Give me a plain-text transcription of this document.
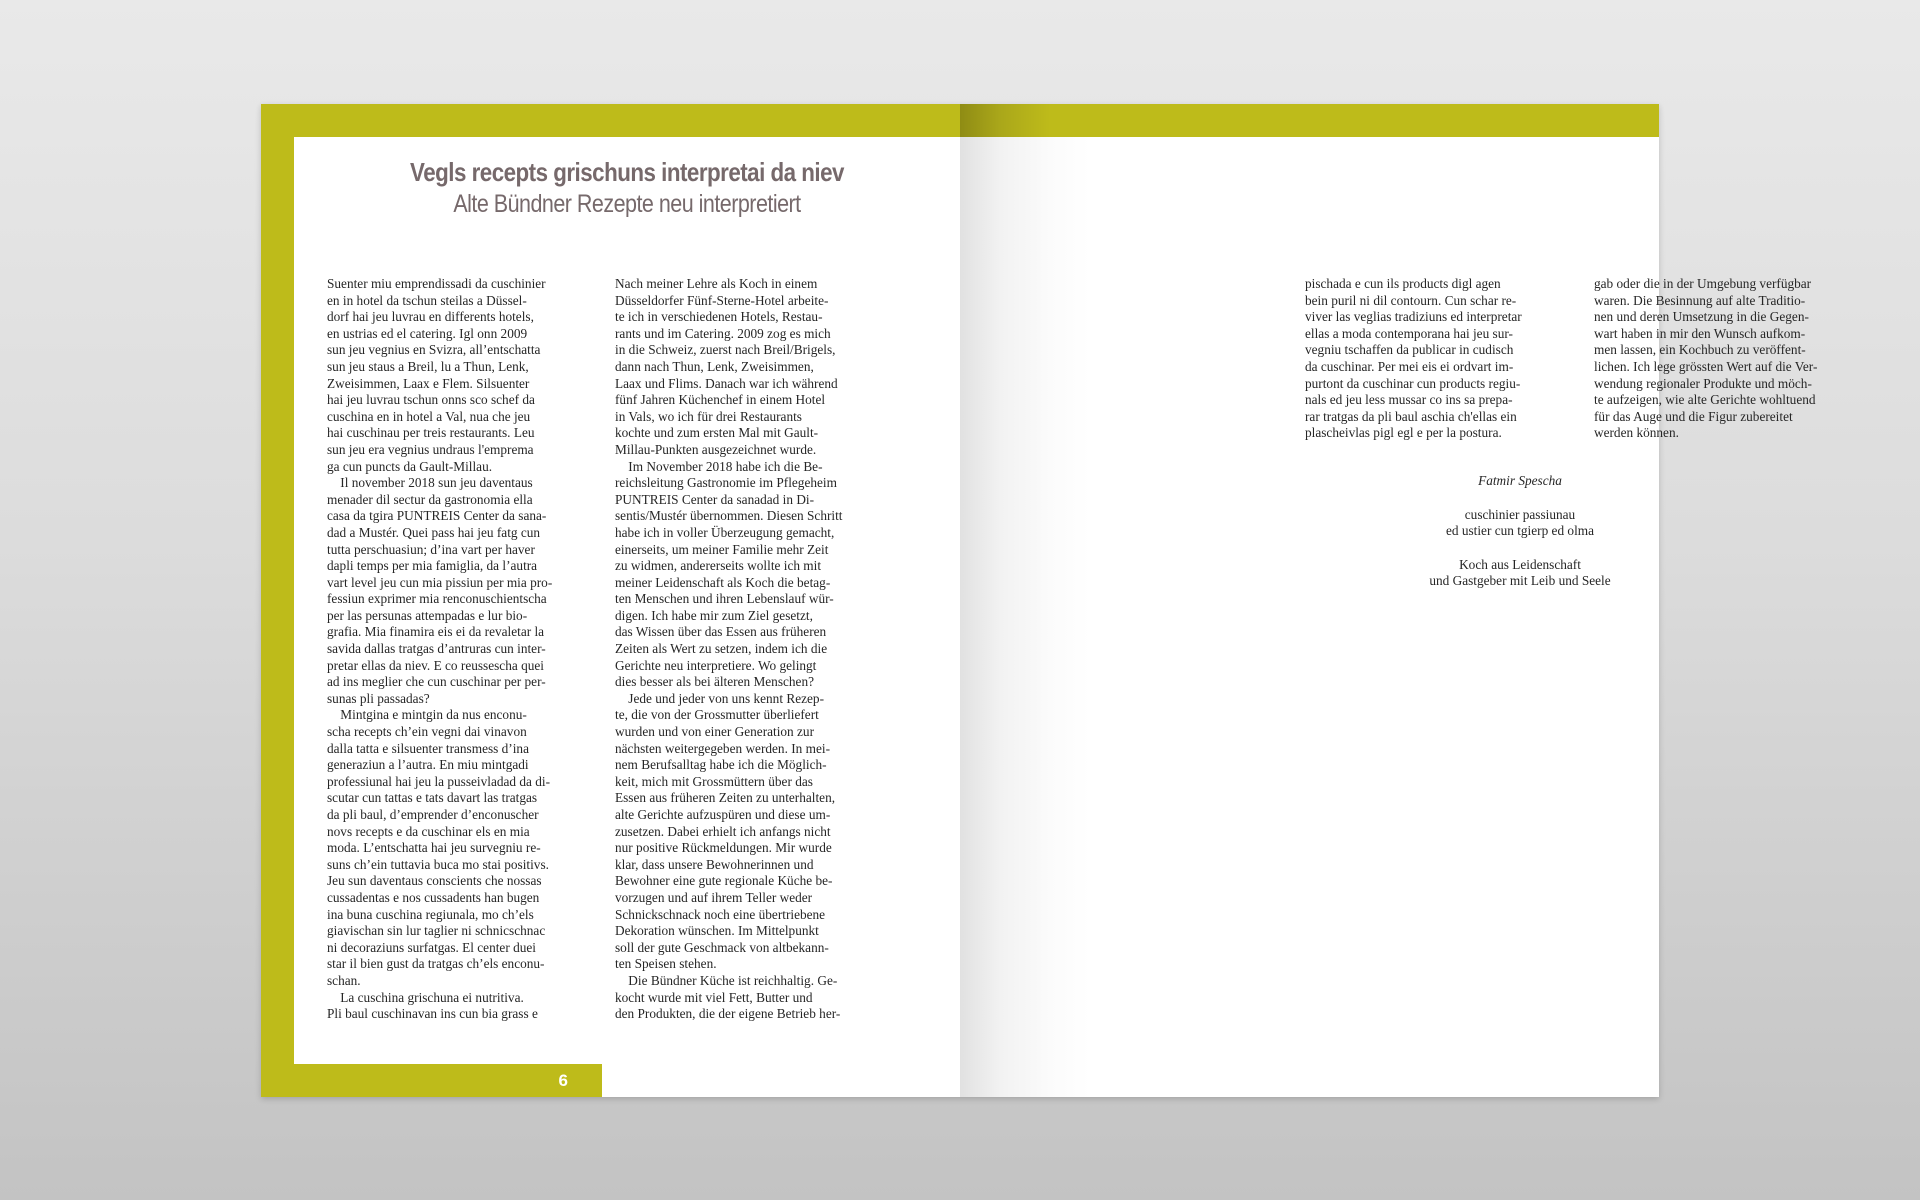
Vegls recepts grischuns interpretai da niev
Alte Bündner Rezepte neu interpretiert

Suenter miu emprendissadi da cuschinier
en in hotel da tschun steilas a Düssel-
dorf hai jeu luvrau en differents hotels,
en ustrias ed el catering. Igl onn 2009
sun jeu vegnius en Svizra, all’entschatta
sun jeu staus a Breil, lu a Thun, Lenk,
Zweisimmen, Laax e Flem. Silsuenter
hai jeu luvrau tschun onns sco schef da
cuschina en in hotel a Val, nua che jeu
hai cuschinau per treis restaurants. Leu
sun jeu era vegnius undraus l'emprema
ga cun puncts da Gault-Millau.
Il november 2018 sun jeu daventaus
menader dil sectur da gastronomia ella
casa da tgira PUNTREIS Center da sana-
dad a Mustér. Quei pass hai jeu fatg cun
tutta perschuasiun; d’ina vart per haver
dapli temps per mia famiglia, da l’autra
vart level jeu cun mia pissiun per mia pro-
fessiun exprimer mia renconuschientscha
per las persunas attempadas e lur bio-
grafia. Mia finamira eis ei da revaletar la
savida dallas tratgas d’antruras cun inter-
pretar ellas da niev. E co reussescha quei
ad ins meglier che cun cuschinar per per-
sunas pli passadas?
Mintgina e mintgin da nus enconu-
scha recepts ch’ein vegni dai vinavon
dalla tatta e silsuenter transmess d’ina
generaziun a l’autra. En miu mintgadi
professiunal hai jeu la pusseivladad da di-
scutar cun tattas e tats davart las tratgas
da pli baul, d’emprender d’enconuscher
novs recepts e da cuschinar els en mia
moda. L’entschatta hai jeu survegniu re-
suns ch’ein tuttavia buca mo stai positivs.
Jeu sun daventaus conscients che nossas
cussadentas e nos cussadents han bugen
ina buna cuschina regiunala, mo ch’els
giavischan sin lur taglier ni schnicschnac
ni decoraziuns surfatgas. El center duei
star il bien gust da tratgas ch’els enconu-
schan.
La cuschina grischuna ei nutritiva.
Pli baul cuschinavan ins cun bia grass e

Nach meiner Lehre als Koch in einem
Düsseldorfer Fünf-Sterne-Hotel arbeite-
te ich in verschiedenen Hotels, Restau-
rants und im Catering. 2009 zog es mich
in die Schweiz, zuerst nach Breil/Brigels,
dann nach Thun, Lenk, Zweisimmen,
Laax und Flims. Danach war ich während
fünf Jahren Küchenchef in einem Hotel
in Vals, wo ich für drei Restaurants
kochte und zum ersten Mal mit Gault-
Millau-Punkten ausgezeichnet wurde.
Im November 2018 habe ich die Be-
reichsleitung Gastronomie im Pflegeheim
PUNTREIS Center da sanadad in Di-
sentis/Mustér übernommen. Diesen Schritt
habe ich in voller Überzeugung gemacht,
einerseits, um meiner Familie mehr Zeit
zu widmen, andererseits wollte ich mit
meiner Leidenschaft als Koch die betag-
ten Menschen und ihren Lebenslauf wür-
digen. Ich habe mir zum Ziel gesetzt,
das Wissen über das Essen aus früheren
Zeiten als Wert zu setzen, indem ich die
Gerichte neu interpretiere. Wo gelingt
dies besser als bei älteren Menschen?
Jede und jeder von uns kennt Rezep-
te, die von der Grossmutter überliefert
wurden und von einer Generation zur
nächsten weitergegeben werden. In mei-
nem Berufsalltag habe ich die Möglich-
keit, mich mit Grossmüttern über das
Essen aus früheren Zeiten zu unterhalten,
alte Gerichte aufzuspüren und diese um-
zusetzen. Dabei erhielt ich anfangs nicht
nur positive Rückmeldungen. Mir wurde
klar, dass unsere Bewohnerinnen und
Bewohner eine gute regionale Küche be-
vorzugen und auf ihrem Teller weder
Schnickschnack noch eine übertriebene
Dekoration wünschen. Im Mittelpunkt
soll der gute Geschmack von altbekann-
ten Speisen stehen.
Die Bündner Küche ist reichhaltig. Ge-
kocht wurde mit viel Fett, Butter und
den Produkten, die der eigene Betrieb her-

6

pischada e cun ils products digl agen
bein puril ni dil contourn. Cun schar re-
viver las veglias tradiziuns ed interpretar
ellas a moda contemporana hai jeu sur-
vegniu tschaffen da publicar in cudisch
da cuschinar. Per mei eis ei ordvart im-
purtont da cuschinar cun products regiu-
nals ed jeu less mussar co ins sa prepa-
rar tratgas da pli baul aschia ch'ellas ein
plascheivlas pigl egl e per la postura.

gab oder die in der Umgebung verfügbar
waren. Die Besinnung auf alte Traditio-
nen und deren Umsetzung in die Gegen-
wart haben in mir den Wunsch aufkom-
men lassen, ein Kochbuch zu veröffent-
lichen. Ich lege grössten Wert auf die Ver-
wendung regionaler Produkte und möch-
te aufzeigen, wie alte Gerichte wohltuend
für das Auge und die Figur zubereitet
werden können.

Fatmir Spescha
cuschinier passiunau
ed ustier cun tgierp ed olma
Koch aus Leidenschaft
und Gastgeber mit Leib und Seele
